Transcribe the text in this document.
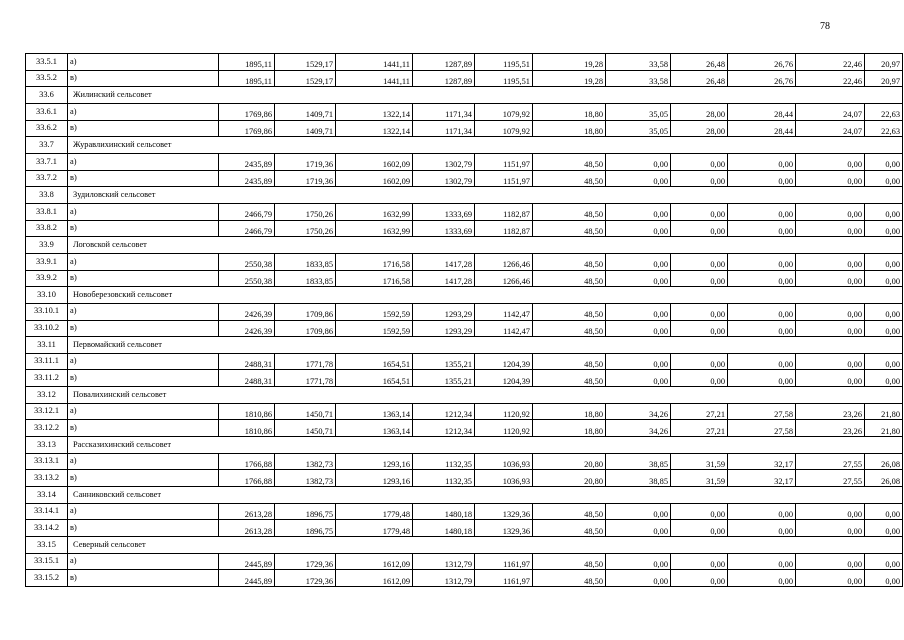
78
33.5.1	а)	1895,11	1529,17	1441,11	1287,89	1195,51	19,28	33,58	26,48	26,76	22,46	20,97
33.5.2	в)	1895,11	1529,17	1441,11	1287,89	1195,51	19,28	33,58	26,48	26,76	22,46	20,97
33.6	Жилинский сельсовет											
33.6.1	а)	1769,86	1409,71	1322,14	1171,34	1079,92	18,80	35,05	28,00	28,44	24,07	22,63
33.6.2	в)	1769,86	1409,71	1322,14	1171,34	1079,92	18,80	35,05	28,00	28,44	24,07	22,63
33.7	Журавлихинский сельсовет											
33.7.1	а)	2435,89	1719,36	1602,09	1302,79	1151,97	48,50	0,00	0,00	0,00	0,00	0,00
33.7.2	в)	2435,89	1719,36	1602,09	1302,79	1151,97	48,50	0,00	0,00	0,00	0,00	0,00
33.8	Зудиловский сельсовет											
33.8.1	а)	2466,79	1750,26	1632,99	1333,69	1182,87	48,50	0,00	0,00	0,00	0,00	0,00
33.8.2	в)	2466,79	1750,26	1632,99	1333,69	1182,87	48,50	0,00	0,00	0,00	0,00	0,00
33.9	Логовской сельсовет											
33.9.1	а)	2550,38	1833,85	1716,58	1417,28	1266,46	48,50	0,00	0,00	0,00	0,00	0,00
33.9.2	в)	2550,38	1833,85	1716,58	1417,28	1266,46	48,50	0,00	0,00	0,00	0,00	0,00
33.10	Новоберезовский сельсовет											
33.10.1	а)	2426,39	1709,86	1592,59	1293,29	1142,47	48,50	0,00	0,00	0,00	0,00	0,00
33.10.2	в)	2426,39	1709,86	1592,59	1293,29	1142,47	48,50	0,00	0,00	0,00	0,00	0,00
33.11	Первомайский сельсовет											
33.11.1	а)	2488,31	1771,78	1654,51	1355,21	1204,39	48,50	0,00	0,00	0,00	0,00	0,00
33.11.2	в)	2488,31	1771,78	1654,51	1355,21	1204,39	48,50	0,00	0,00	0,00	0,00	0,00
33.12	Повалихинский сельсовет											
33.12.1	а)	1810,86	1450,71	1363,14	1212,34	1120,92	18,80	34,26	27,21	27,58	23,26	21,80
33.12.2	в)	1810,86	1450,71	1363,14	1212,34	1120,92	18,80	34,26	27,21	27,58	23,26	21,80
33.13	Рассказихинский сельсовет											
33.13.1	а)	1766,88	1382,73	1293,16	1132,35	1036,93	20,80	38,85	31,59	32,17	27,55	26,08
33.13.2	в)	1766,88	1382,73	1293,16	1132,35	1036,93	20,80	38,85	31,59	32,17	27,55	26,08
33.14	Санниковский сельсовет											
33.14.1	а)	2613,28	1896,75	1779,48	1480,18	1329,36	48,50	0,00	0,00	0,00	0,00	0,00
33.14.2	в)	2613,28	1896,75	1779,48	1480,18	1329,36	48,50	0,00	0,00	0,00	0,00	0,00
33.15	Северный сельсовет											
33.15.1	а)	2445,89	1729,36	1612,09	1312,79	1161,97	48,50	0,00	0,00	0,00	0,00	0,00
33.15.2	в)	2445,89	1729,36	1612,09	1312,79	1161,97	48,50	0,00	0,00	0,00	0,00	0,00
